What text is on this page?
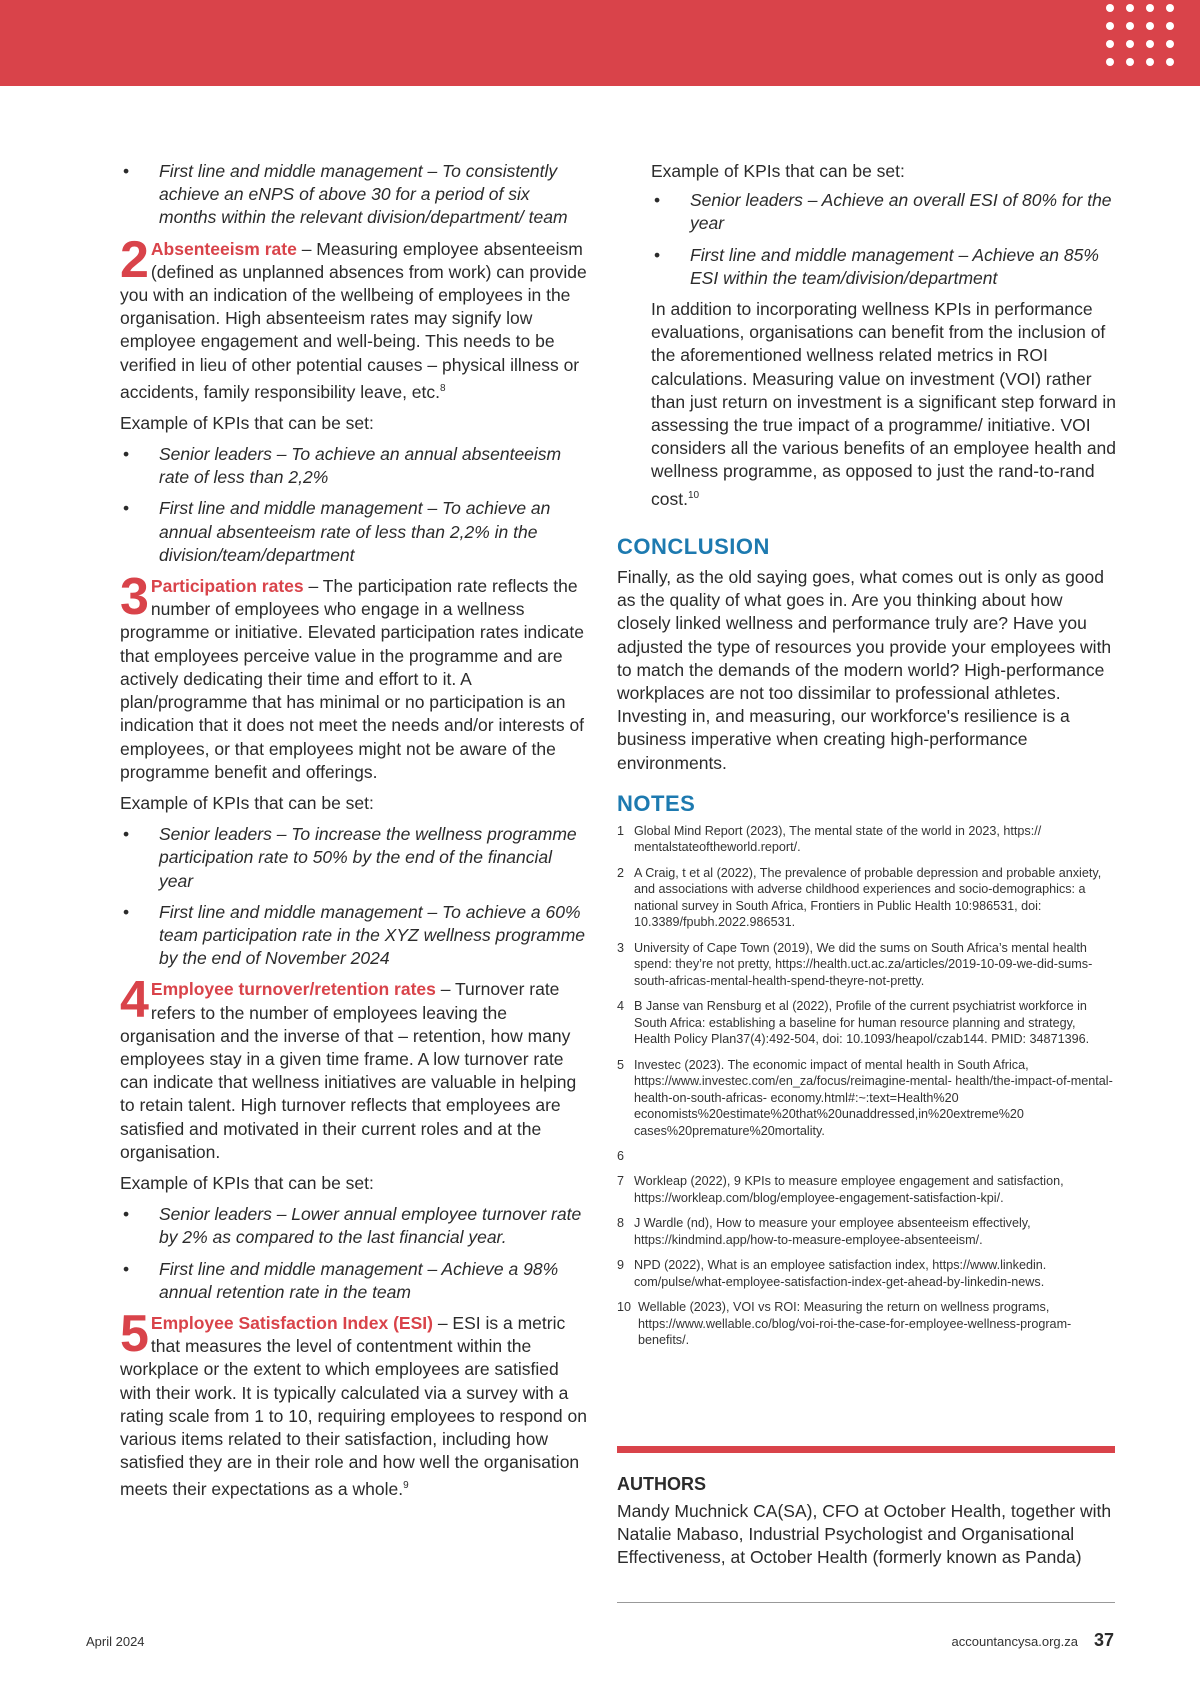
• First line and middle management – To consistently achieve an eNPS of above 30 for a period of six months within the relevant division/department/ team
2 Absenteeism rate – Measuring employee absenteeism (defined as unplanned absences from work) can provide you with an indication of the wellbeing of employees in the organisation. High absenteeism rates may signify low employee engagement and well-being. This needs to be verified in lieu of other potential causes – physical illness or accidents, family responsibility leave, etc.$^8$

Example of KPIs that can be set:

• Senior leaders – To achieve an annual absenteeism rate of less than 2,2%
• First line and middle management – To achieve an annual absenteeism rate of less than 2,2% in the division/team/department
3 Participation rates – The participation rate reflects the number of employees who engage in a wellness programme or initiative. Elevated participation rates indicate that employees perceive value in the programme and are actively dedicating their time and effort to it. A plan/programme that has minimal or no participation is an indication that it does not meet the needs and/or interests of employees, or that employees might not be aware of the programme benefit and offerings.

Example of KPIs that can be set:

• Senior leaders – To increase the wellness programme participation rate to 50% by the end of the financial year
• First line and middle management – To achieve a 60% team participation rate in the XYZ wellness programme by the end of November 2024
4 Employee turnover/retention rates – Turnover rate refers to the number of employees leaving the organisation and the inverse of that – retention, how many employees stay in a given time frame. A low turnover rate can indicate that wellness initiatives are valuable in helping to retain talent. High turnover reflects that employees are satisfied and motivated in their current roles and at the organisation.

Example of KPIs that can be set:

• Senior leaders – Lower annual employee turnover rate by 2% as compared to the last financial year.
• First line and middle management – Achieve a 98% annual retention rate in the team
5 Employee Satisfaction Index (ESI) – ESI is a metric that measures the level of contentment within the workplace or the extent to which employees are satisfied with their work. It is typically calculated via a survey with a rating scale from 1 to 10, requiring employees to respond on various items related to their satisfaction, including how satisfied they are in their role and how well the organisation meets their expectations as a whole.$^9$

Example of KPIs that can be set:

• Senior leaders – Achieve an overall ESI of 80% for the year
• First line and middle management – Achieve an 85% ESI within the team/division/department

In addition to incorporating wellness KPIs in performance evaluations, organisations can benefit from the inclusion of the aforementioned wellness related metrics in ROI calculations. Measuring value on investment (VOI) rather than just return on investment is a significant step forward in assessing the true impact of a programme/ initiative. VOI considers all the various benefits of an employee health and wellness programme, as opposed to just the rand-to-rand cost.$^{10}$

CONCLUSION

Finally, as the old saying goes, what comes out is only as good as the quality of what goes in. Are you thinking about how closely linked wellness and performance truly are? Have you adjusted the type of resources you provide your employees with to match the demands of the modern world? High-performance workplaces are not too dissimilar to professional athletes. Investing in, and measuring, our workforce's resilience is a business imperative when creating high-performance environments.

NOTES
1 Global Mind Report (2023), The mental state of the world in 2023, https:// mentalstateoftheworld.report/.
2 A Craig, t et al (2022), The prevalence of probable depression and probable anxiety, and associations with adverse childhood experiences and socio-demographics: a national survey in South Africa, Frontiers in Public Health 10:986531, doi: 10.3389/fpubh.2022.986531.
3 University of Cape Town (2019), We did the sums on South Africa’s mental health spend: they’re not pretty, https://health.uct.ac.za/articles/2019-10-09-we-did-sums-south-africas-mental-health-spend-theyre-not-pretty.
4 B Janse van Rensburg et al (2022), Profile of the current psychiatrist workforce in South Africa: establishing a baseline for human resource planning and strategy, Health Policy Plan37(4):492-504, doi: 10.1093/heapol/czab144. PMID: 34871396.
5 Investec (2023). The economic impact of mental health in South Africa, https://www.investec.com/en_za/focus/reimagine-mental- health/the-impact-of-mental-health-on-south-africas- economy.html#:~:text=Health%20 economists%20estimate%20that%20unaddressed,in%20extreme%20 cases%20premature%20mortality.
6
7 Workleap (2022), 9 KPIs to measure employee engagement and satisfaction, https://workleap.com/blog/employee-engagement-satisfaction-kpi/.
8 J Wardle (nd), How to measure your employee absenteeism effectively, https://kindmind.app/how-to-measure-employee-absenteeism/.
9 NPD (2022), What is an employee satisfaction index, https://www.linkedin. com/pulse/what-employee-satisfaction-index-get-ahead-by-linkedin-news.
10 Wellable (2023), VOI vs ROI: Measuring the return on wellness programs, https://www.wellable.co/blog/voi-roi-the-case-for-employee-wellness-program-benefits/.
AUTHORS
Mandy Muchnick CA(SA), CFO at October Health, together with Natalie Mabaso, Industrial Psychologist and Organisational Effectiveness, at October Health (formerly known as Panda)
April 2024	accountancysa.org.za 37
